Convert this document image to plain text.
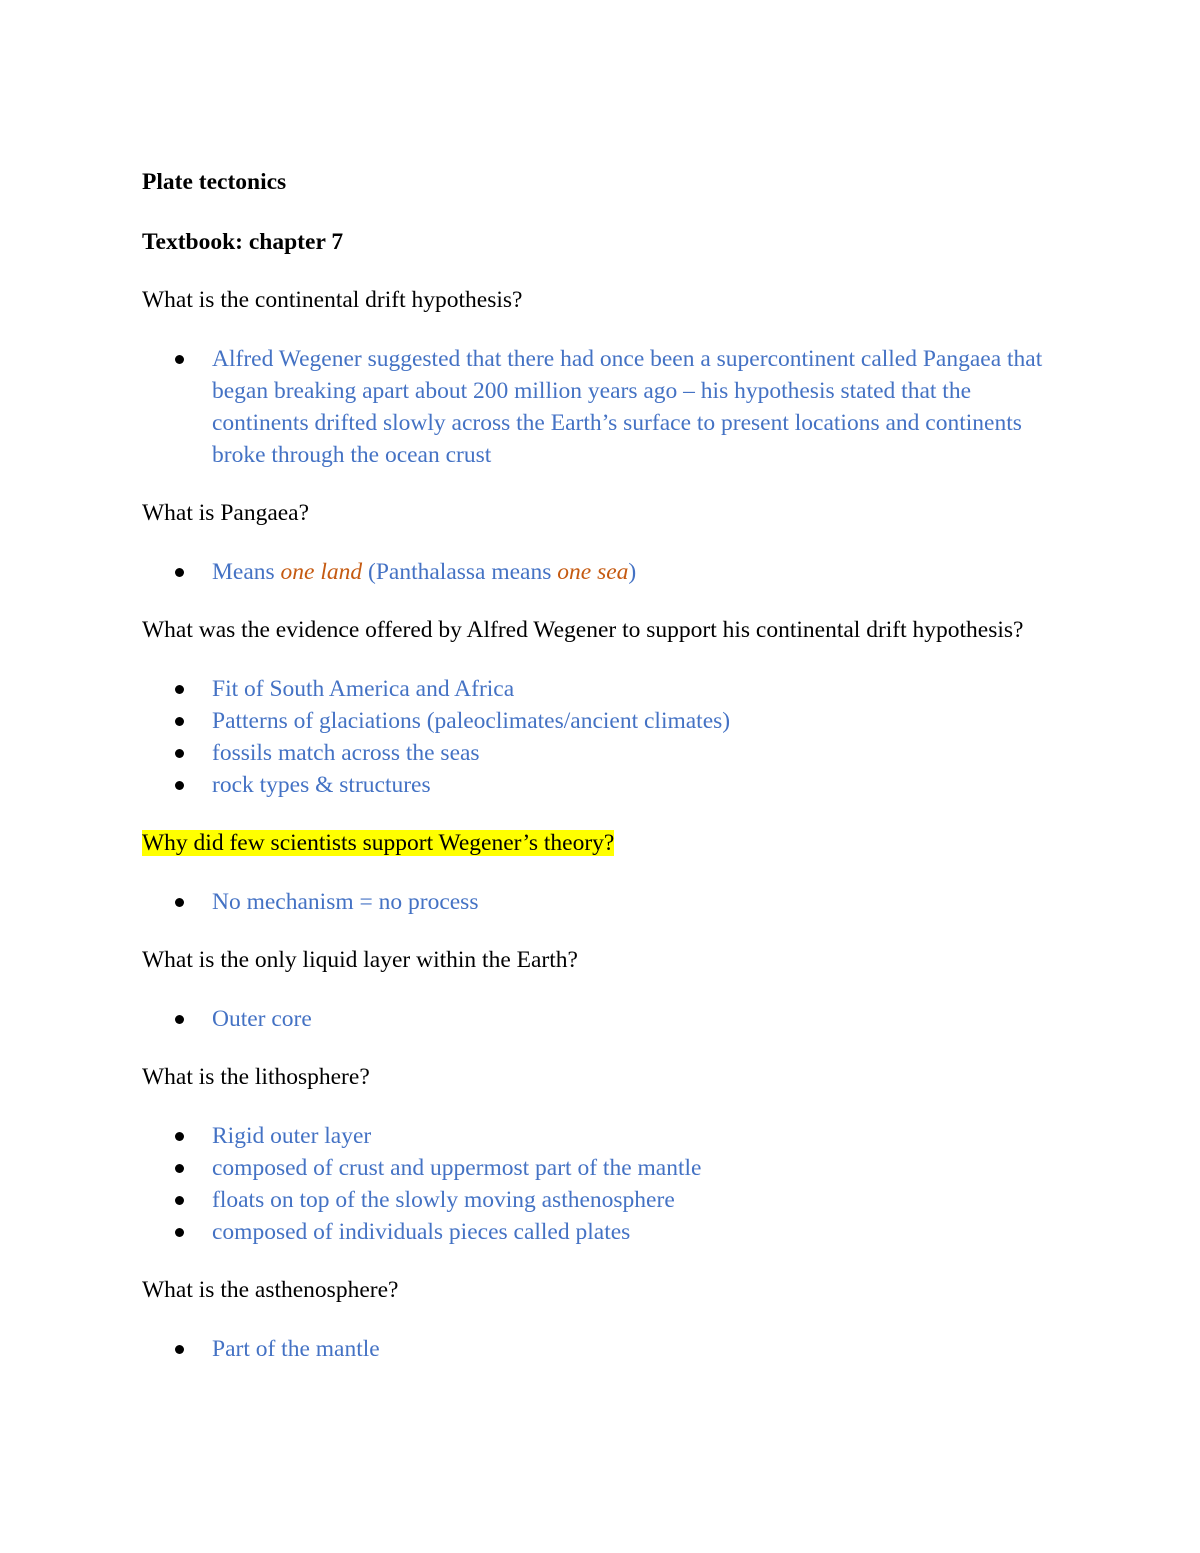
Plate tectonics

Textbook: chapter 7

What is the continental drift hypothesis?

Alfred Wegener suggested that there had once been a supercontinent called Pangaea that began breaking apart about 200 million years ago – his hypothesis stated that the continents drifted slowly across the Earth’s surface to present locations and continents broke through the ocean crust

What is Pangaea?

Means one land (Panthalassa means one sea)

What was the evidence offered by Alfred Wegener to support his continental drift hypothesis?

Fit of South America and Africa
Patterns of glaciations (paleoclimates/ancient climates)
fossils match across the seas
rock types & structures

Why did few scientists support Wegener’s theory?

No mechanism = no process

What is the only liquid layer within the Earth?

Outer core

What is the lithosphere?

Rigid outer layer
composed of crust and uppermost part of the mantle
floats on top of the slowly moving asthenosphere
composed of individuals pieces called plates

What is the asthenosphere?

Part of the mantle
